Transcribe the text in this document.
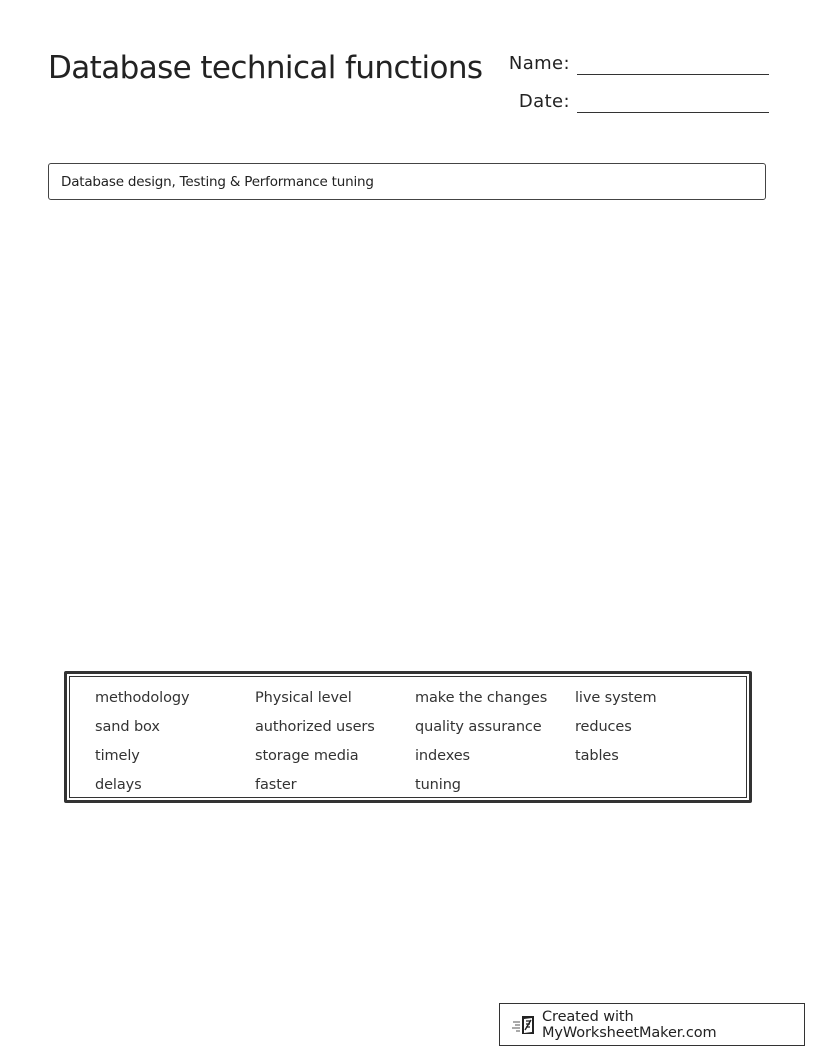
Database technical functions	Name:
Date:
Database design, Testing & Performance tuning
methodology	Physical level	make the changes	live system
sand box	authorized users	quality assurance	reduces
timely	storage media	indexes	tables
delays	faster	tuning
Created with MyWorksheetMaker.com
